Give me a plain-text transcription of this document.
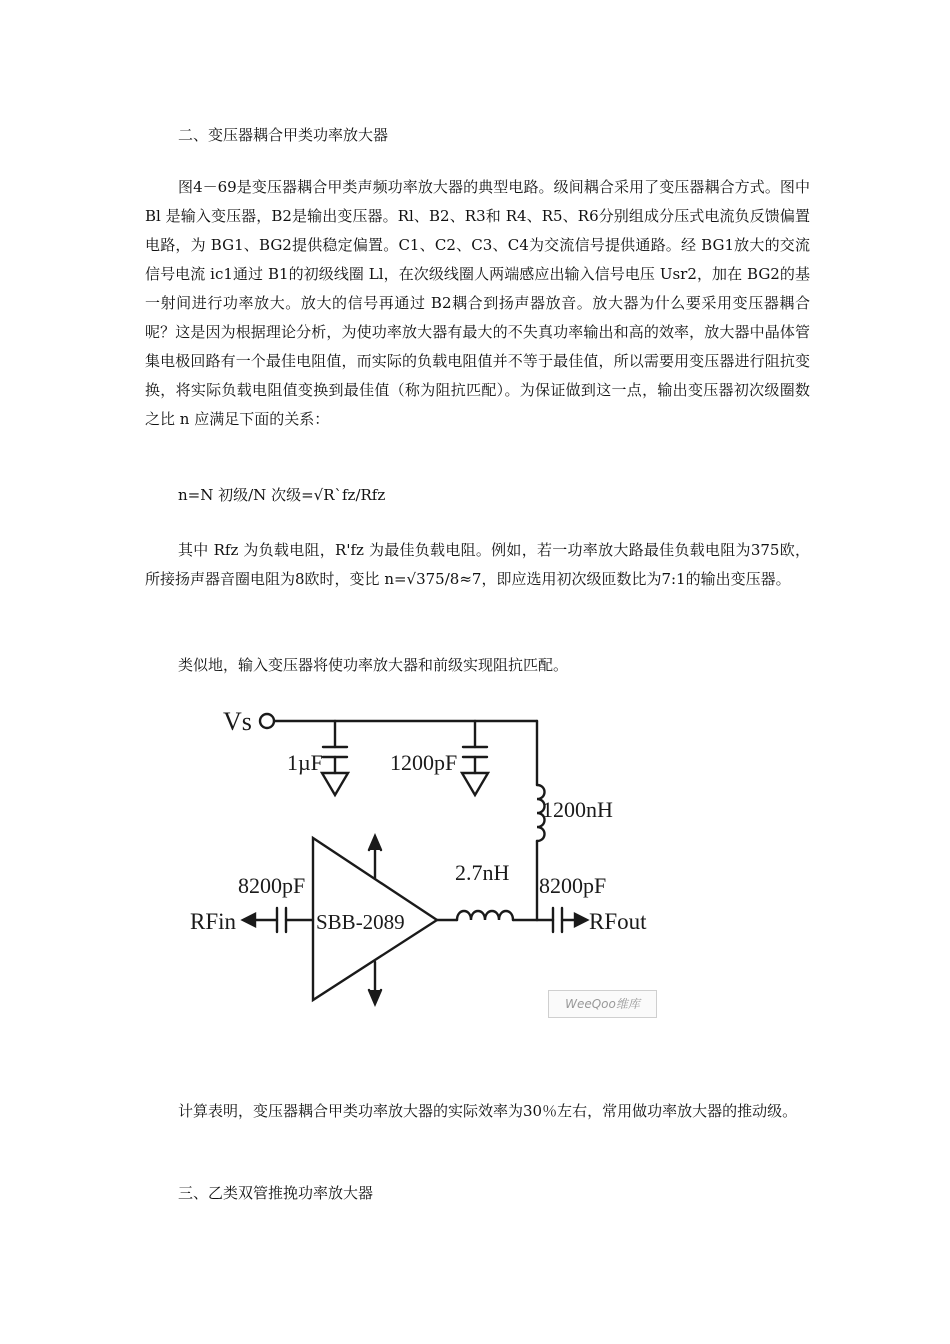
二、变压器耦合甲类功率放大器

图4－69是变压器耦合甲类声频功率放大器的典型电路。级间耦合采用了变压器耦合方式。图中 Bl 是输入变压器，B2是输出变压器。Rl、B2、R3和 R4、R5、R6分别组成分压式电流负反馈偏置电路，为 BG1、BG2提供稳定偏置。C1、C2、C3、C4为交流信号提供通路。经 BG1放大的交流信号电流 ic1通过 B1的初级线圈 Ll，在次级线圈人两端感应出输入信号电压 Usr2，加在 BG2的基一射间进行功率放大。放大的信号再通过 B2耦合到扬声器放音。放大器为什么要采用变压器耦合呢？这是因为根据理论分析，为使功率放大器有最大的不失真功率输出和高的效率，放大器中晶体管集电极回路有一个最佳电阻值，而实际的负载电阻值并不等于最佳值，所以需要用变压器进行阻抗变换，将实际负载电阻值变换到最佳值（称为阻抗匹配）。为保证做到这一点，输出变压器初次级圈数之比 n 应满足下面的关系：

n=N 初级/N 次级=√R`fz/Rfz

其中 Rfz 为负载电阻，R'fz 为最佳负载电阻。例如，若一功率放大路最佳负载电阻为375欧，所接扬声器音圈电阻为8欧时，变比 n=√375/8≈7，即应选用初次级匝数比为7:1的输出变压器。

类似地，输入变压器将使功率放大器和前级实现阻抗匹配。

Vs
1µF	1200pF
1200nH
2.7nH
8200pF	8200pF
RFin	RFout
SBB-2089
WeeQoo维库

计算表明，变压器耦合甲类功率放大器的实际效率为30％左右，常用做功率放大器的推动级。

三、乙类双管推挽功率放大器
